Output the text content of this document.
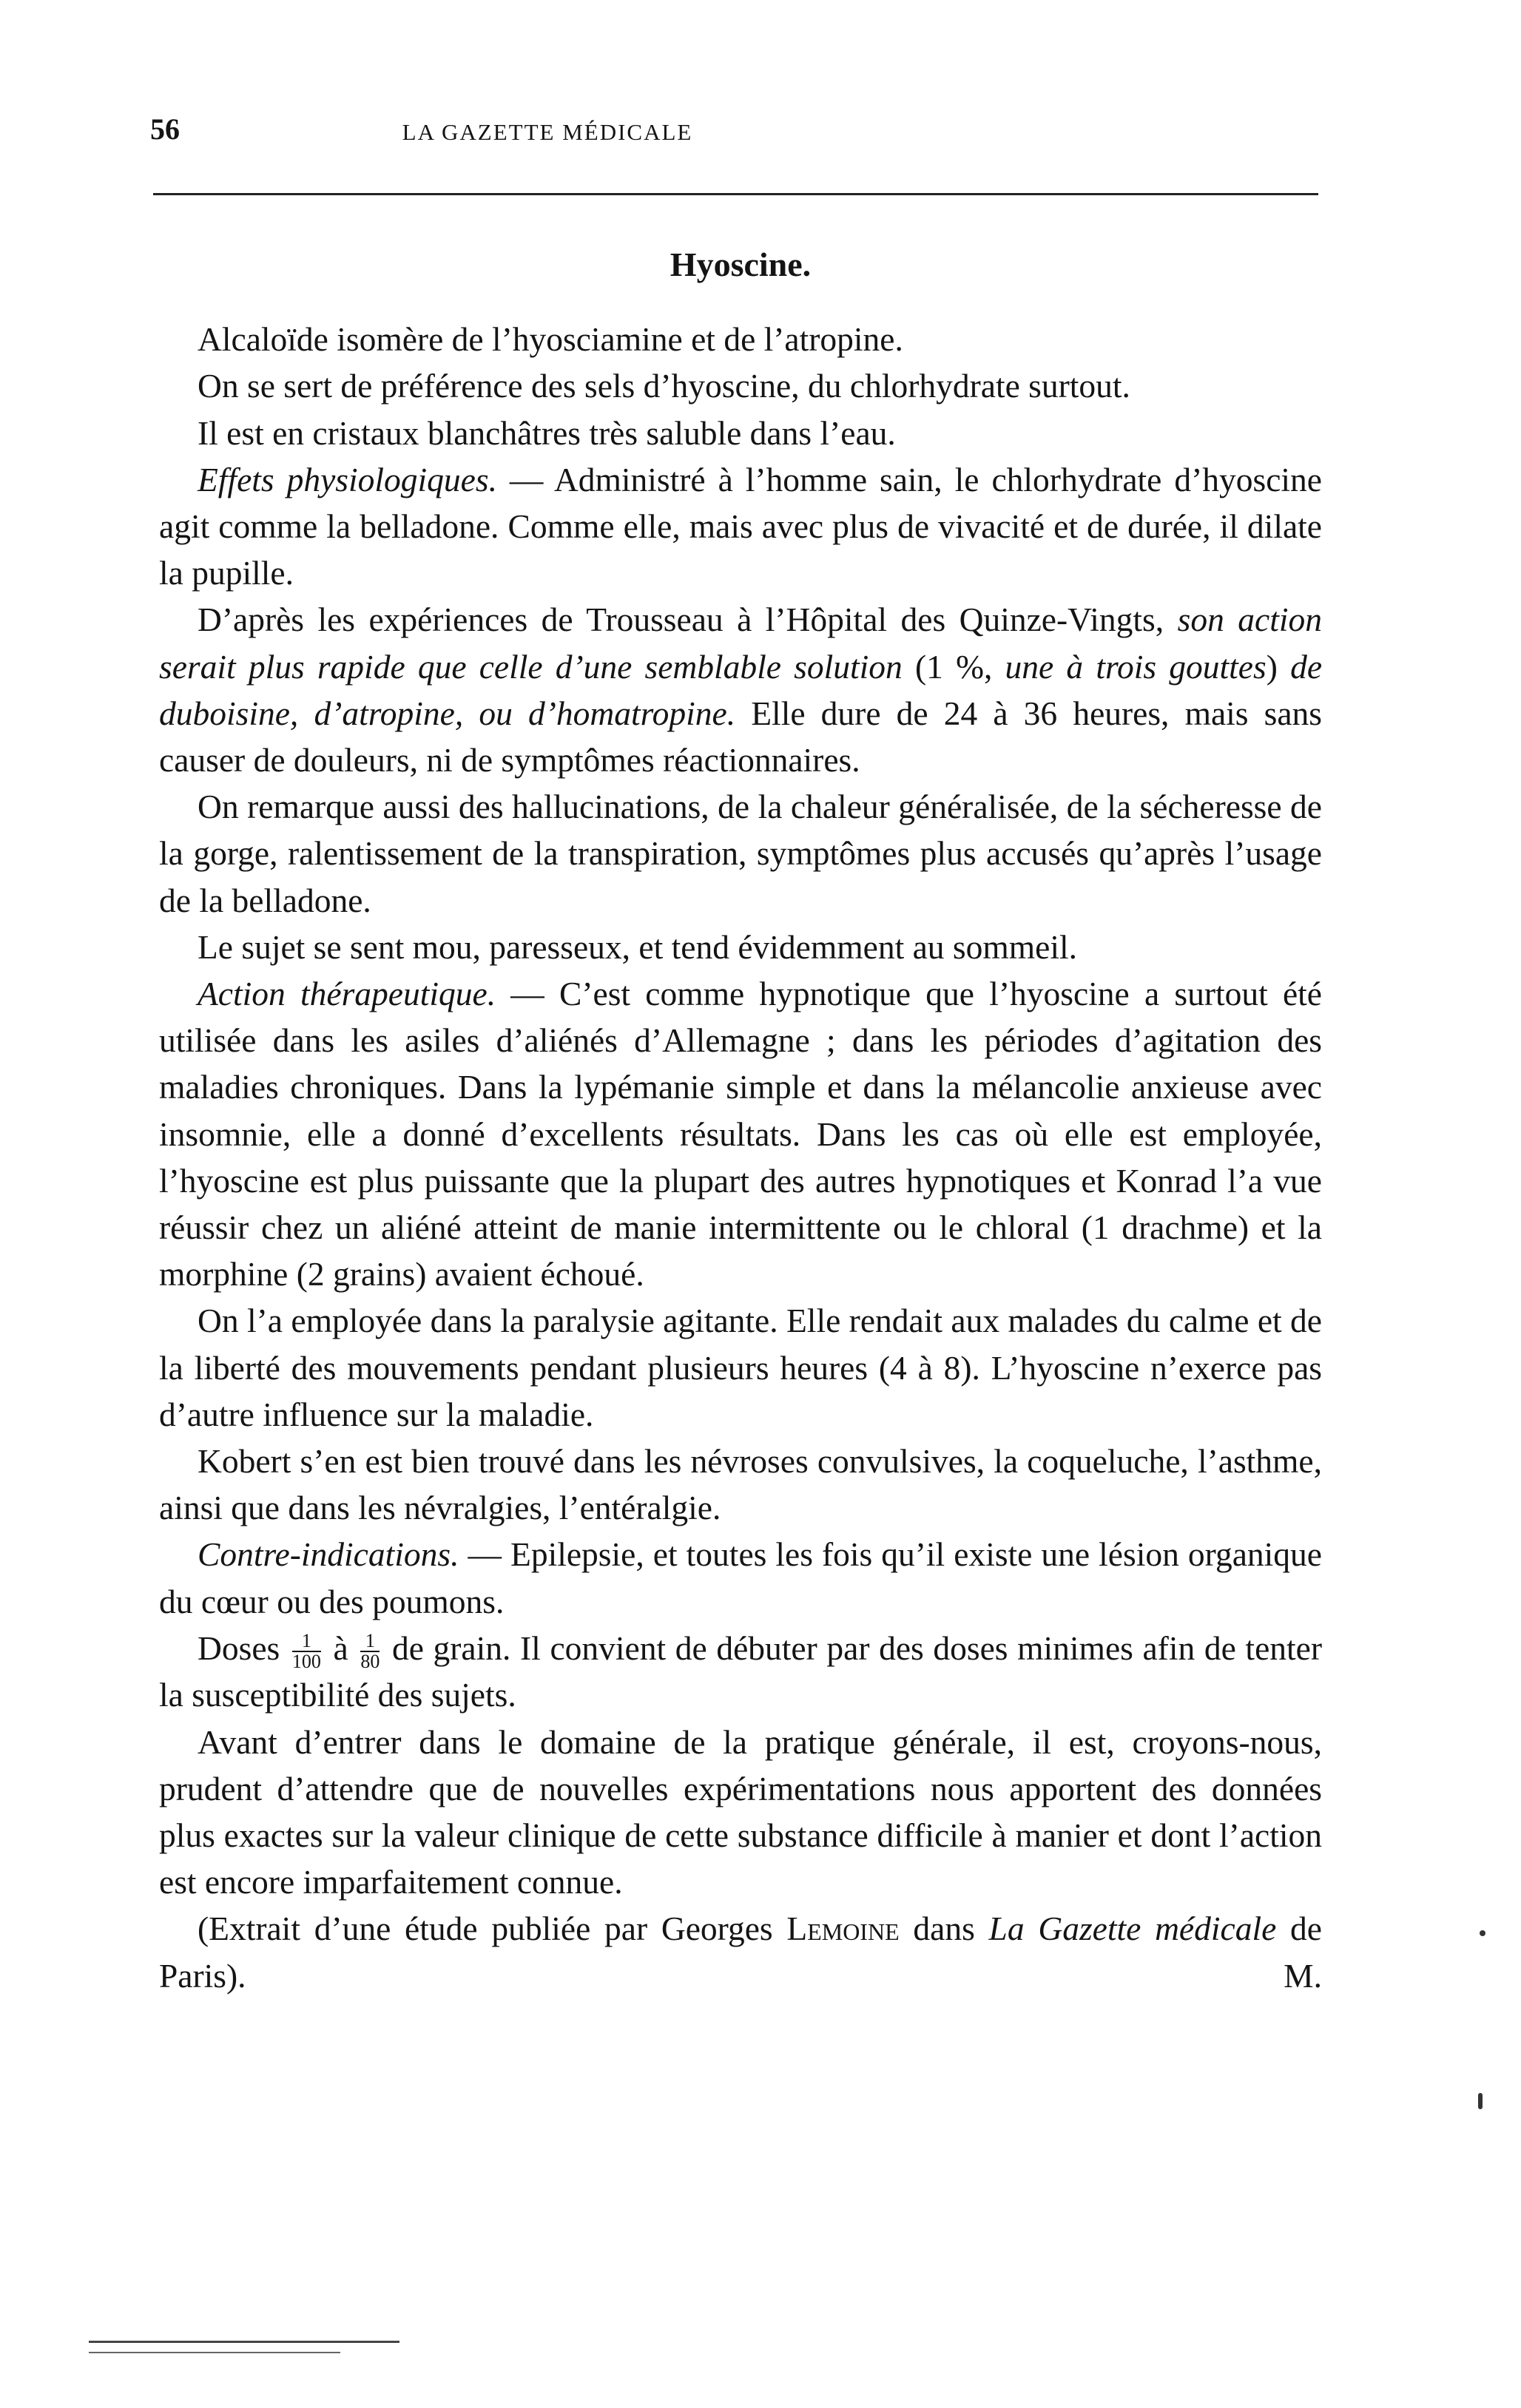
56	LA GAZETTE MÉDICALE
Hyoscine.

Alcaloïde isomère de l’hyosciamine et de l’atropine.

On se sert de préférence des sels d’hyoscine, du chlorhydrate surtout.

Il est en cristaux blanchâtres très saluble dans l’eau.

Effets physiologiques. — Administré à l’homme sain, le chlorhydrate d’hyoscine agit comme la belladone. Comme elle, mais avec plus de vivacité et de durée, il dilate la pupille.

D’après les expériences de Trousseau à l’Hôpital des Quinze-Vingts, son action serait plus rapide que celle d’une semblable solution (1 %, une à trois gouttes) de duboisine, d’atropine, ou d’homatropine. Elle dure de 24 à 36 heures, mais sans causer de douleurs, ni de symptômes réactionnaires.

On remarque aussi des hallucinations, de la chaleur généralisée, de la sécheresse de la gorge, ralentissement de la transpiration, symptômes plus accusés qu’après l’usage de la belladone.

Le sujet se sent mou, paresseux, et tend évidemment au sommeil.

Action thérapeutique. — C’est comme hypnotique que l’hyoscine a surtout été utilisée dans les asiles d’aliénés d’Allemagne ; dans les périodes d’agitation des maladies chroniques. Dans la lypémanie simple et dans la mélancolie anxieuse avec insomnie, elle a donné d’excellents résultats. Dans les cas où elle est employée, l’hyoscine est plus puissante que la plupart des autres hypnotiques et Konrad l’a vue réussir chez un aliéné atteint de manie intermittente ou le chloral (1 drachme) et la morphine (2 grains) avaient échoué.

On l’a employée dans la paralysie agitante. Elle rendait aux malades du calme et de la liberté des mouvements pendant plusieurs heures (4 à 8). L’hyoscine n’exerce pas d’autre influence sur la maladie.

Kobert s’en est bien trouvé dans les névroses convulsives, la coqueluche, l’asthme, ainsi que dans les névralgies, l’entéralgie.

Contre-indications. — Epilepsie, et toutes les fois qu’il existe une lésion organique du cœur ou des poumons.

Doses $\frac{1}{100}$ à $\frac{1}{80}$ de grain. Il convient de débuter par des doses minimes afin de tenter la susceptibilité des sujets.

Avant d’entrer dans le domaine de la pratique générale, il est, croyons-nous, prudent d’attendre que de nouvelles expérimentations nous apportent des données plus exactes sur la valeur clinique de cette substance difficile à manier et dont l’action est encore imparfaitement connue.

(Extrait d’une étude publiée par Georges Lemoine dans La Gazette médicale de Paris).	M.
